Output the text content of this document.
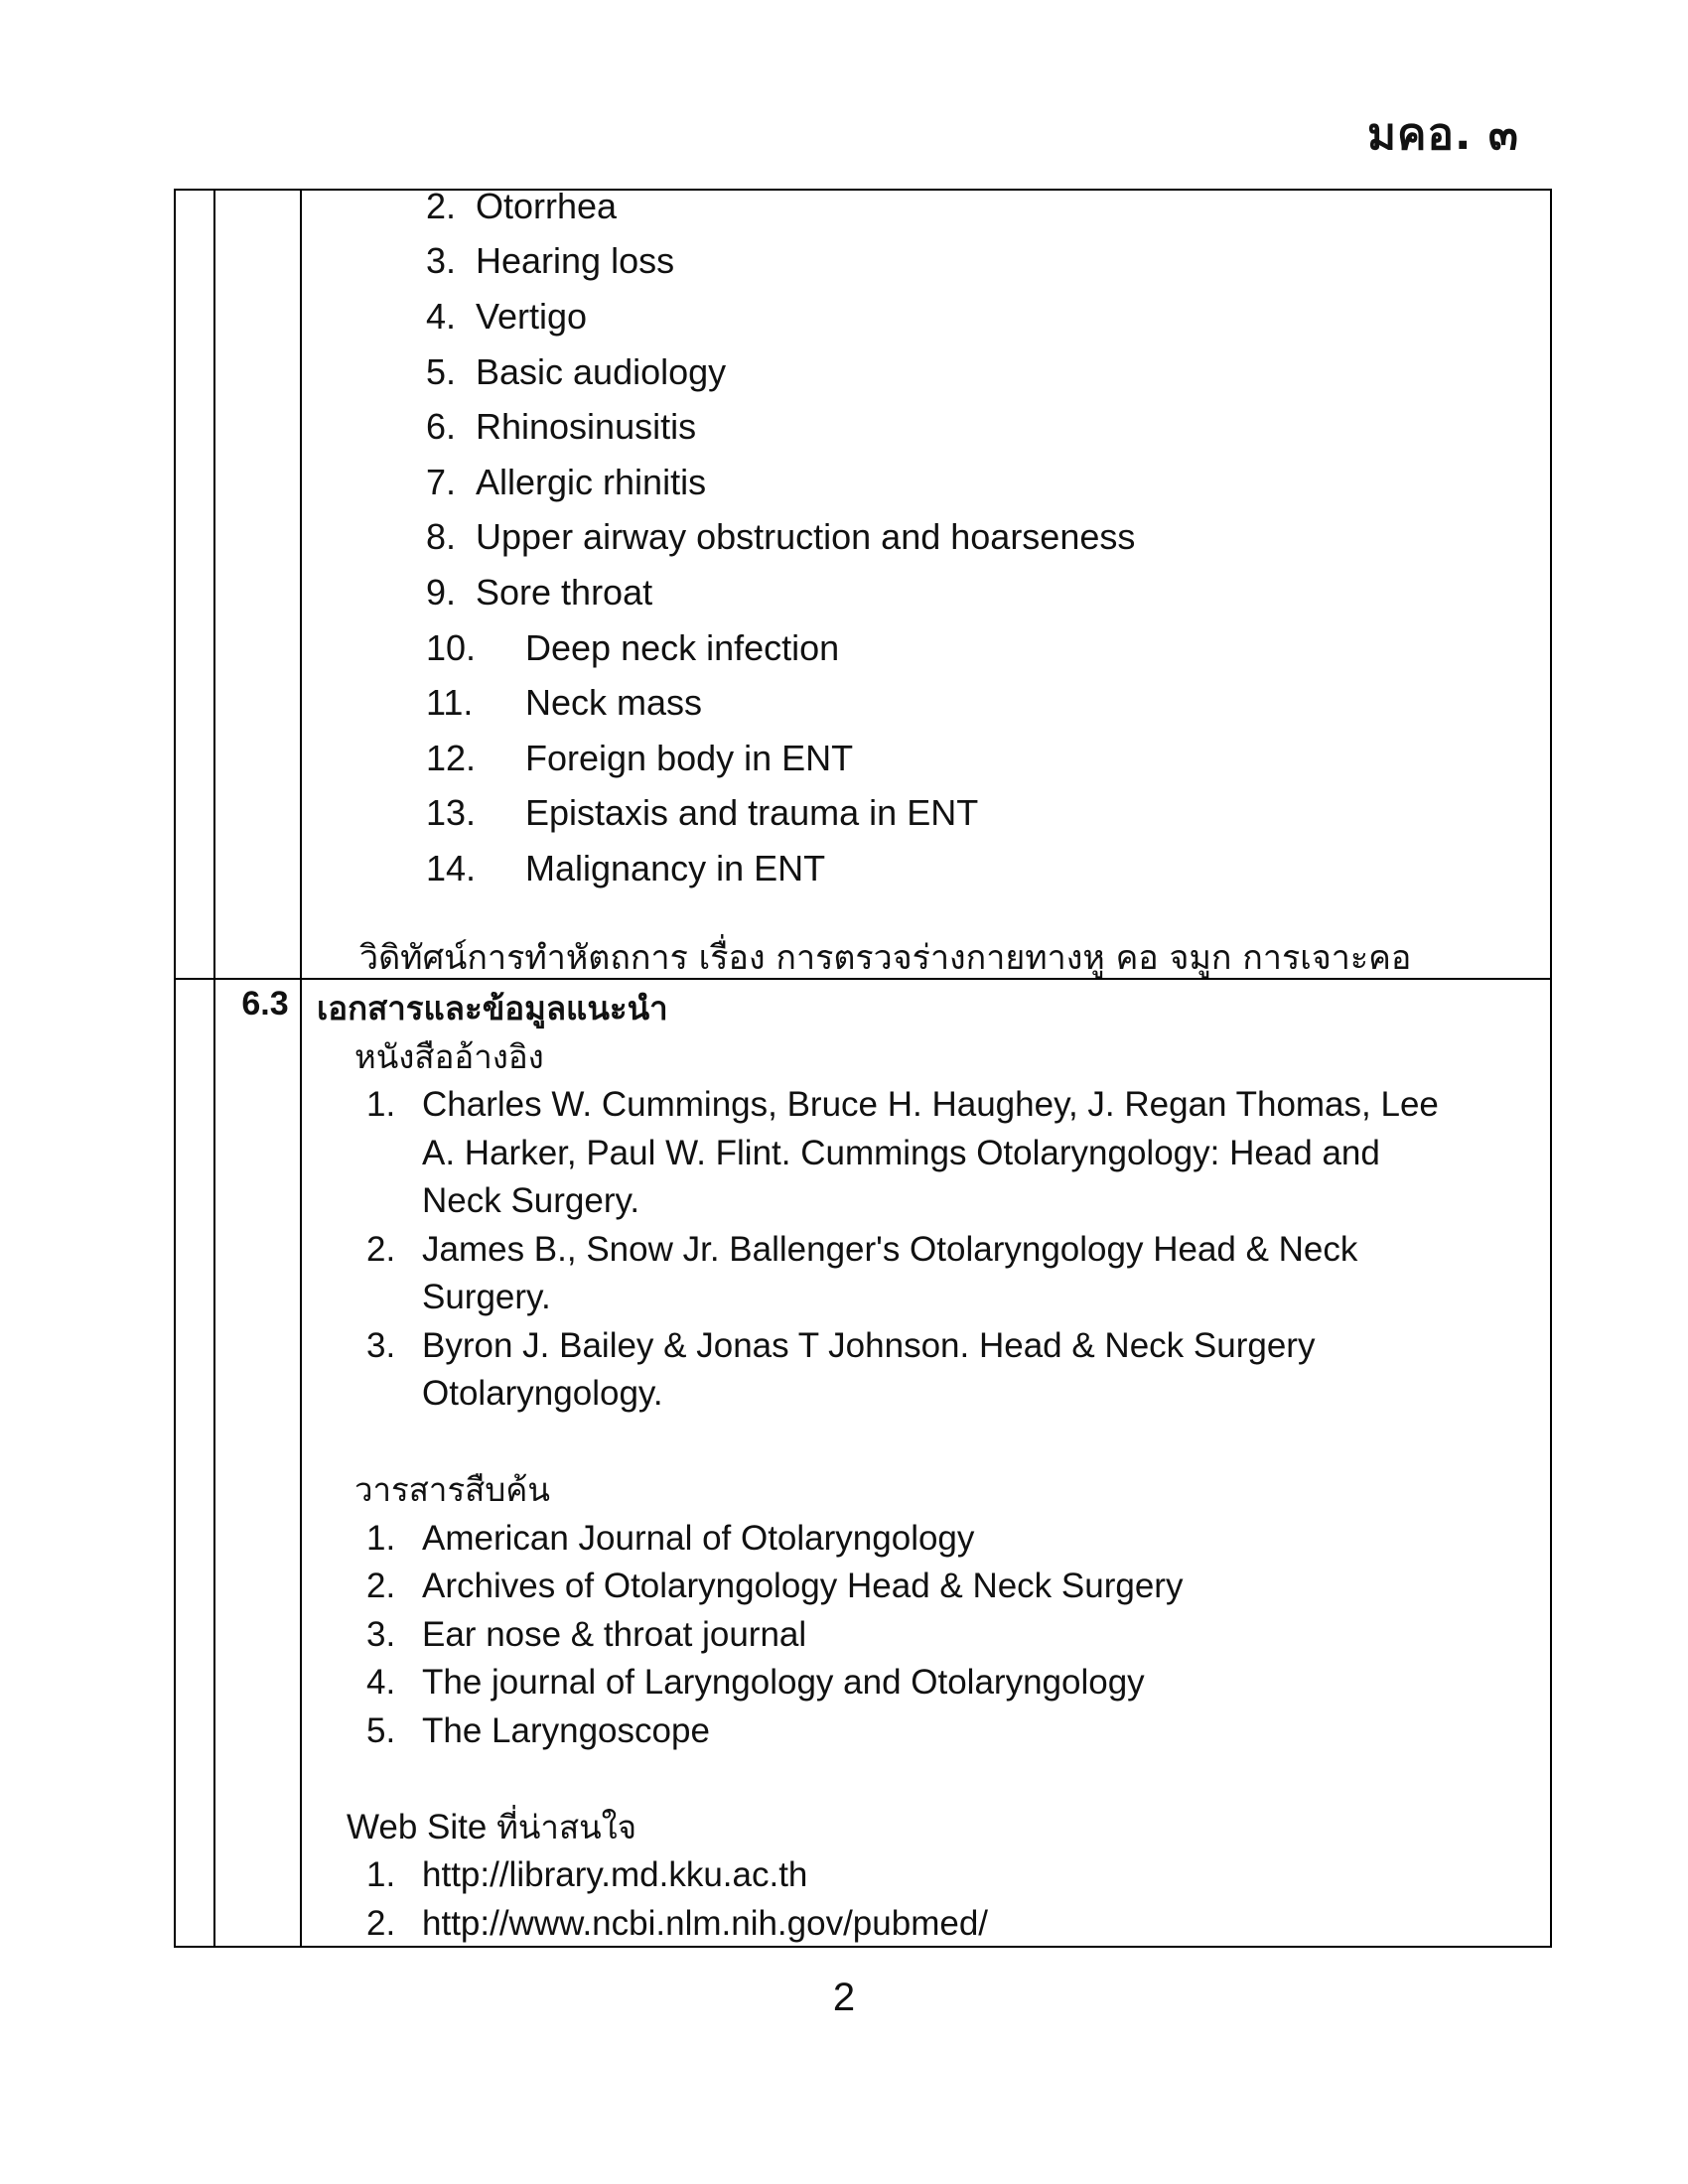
มคอ. ๓
2. Otorrhea
3. Hearing loss
4. Vertigo
5. Basic audiology
6. Rhinosinusitis
7. Allergic rhinitis
8. Upper airway obstruction and hoarseness
9. Sore throat
10.	Deep neck infection
11.	Neck mass
12.	Foreign body in ENT
13.	Epistaxis and trauma in ENT
14.	Malignancy in ENT
วิดิทัศน์การทำหัตถการ เรื่อง การตรวจร่างกายทางหู คอ จมูก การเจาะคอ
6.3 เอกสารและข้อมูลแนะนำ
หนังสืออ้างอิง
1. Charles W. Cummings, Bruce H. Haughey, J. Regan Thomas, Lee A. Harker, Paul W. Flint. Cummings Otolaryngology: Head and Neck Surgery.
2. James B., Snow Jr. Ballenger's Otolaryngology Head & Neck Surgery.
3. Byron J. Bailey & Jonas T Johnson. Head & Neck Surgery Otolaryngology.
วารสารสืบค้น
1. American Journal of Otolaryngology
2. Archives of Otolaryngology Head & Neck Surgery
3. Ear nose & throat journal
4. The journal of Laryngology and Otolaryngology
5. The Laryngoscope
Web Site ที่น่าสนใจ
1. http://library.md.kku.ac.th
2. http://www.ncbi.nlm.nih.gov/pubmed/
2
